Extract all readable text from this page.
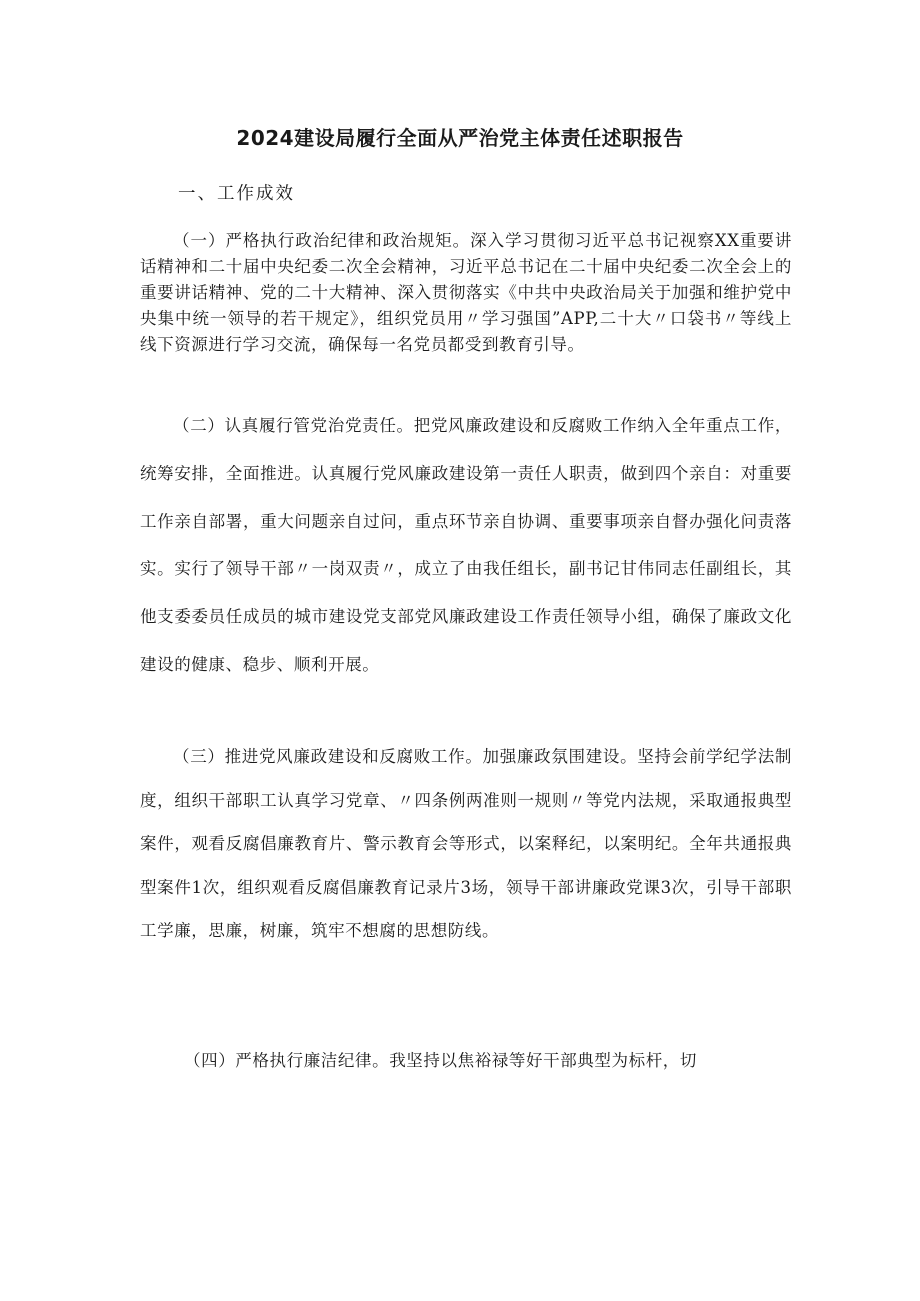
2024建设局履行全面从严治党主体责任述职报告
一、工作成效

（一）严格执行政治纪律和政治规矩。深入学习贯彻习近平总书记视察XX重要讲话精神和二十届中央纪委二次全会精神，习近平总书记在二十届中央纪委二次全会上的重要讲话精神、党的二十大精神、深入贯彻落实《中共中央政治局关于加强和维护党中央集中统一领导的若干规定》，组织党员用〃学习强国”APP,二十大〃口袋书〃等线上线下资源进行学习交流，确保每一名党员都受到教育引导。

（二）认真履行管党治党责任。把党风廉政建设和反腐败工作纳入全年重点工作，统筹安排，全面推进。认真履行党风廉政建设第一责任人职责，做到四个亲自：对重要工作亲自部署，重大问题亲自过问，重点环节亲自协调、重要事项亲自督办强化问责落实。实行了领导干部〃一岗双责〃，成立了由我任组长，副书记甘伟同志任副组长，其他支委委员任成员的城市建设党支部党风廉政建设工作责任领导小组，确保了廉政文化建设的健康、稳步、顺利开展。

（三）推进党风廉政建设和反腐败工作。加强廉政氛围建设。坚持会前学纪学法制度，组织干部职工认真学习党章、〃四条例两准则一规则〃等党内法规，采取通报典型案件，观看反腐倡廉教育片、警示教育会等形式，以案释纪，以案明纪。全年共通报典型案件1次，组织观看反腐倡廉教育记录片3场，领导干部讲廉政党课3次，引导干部职工学廉，思廉，树廉，筑牢不想腐的思想防线。

（四）严格执行廉洁纪律。我坚持以焦裕禄等好干部典型为标杆，切
